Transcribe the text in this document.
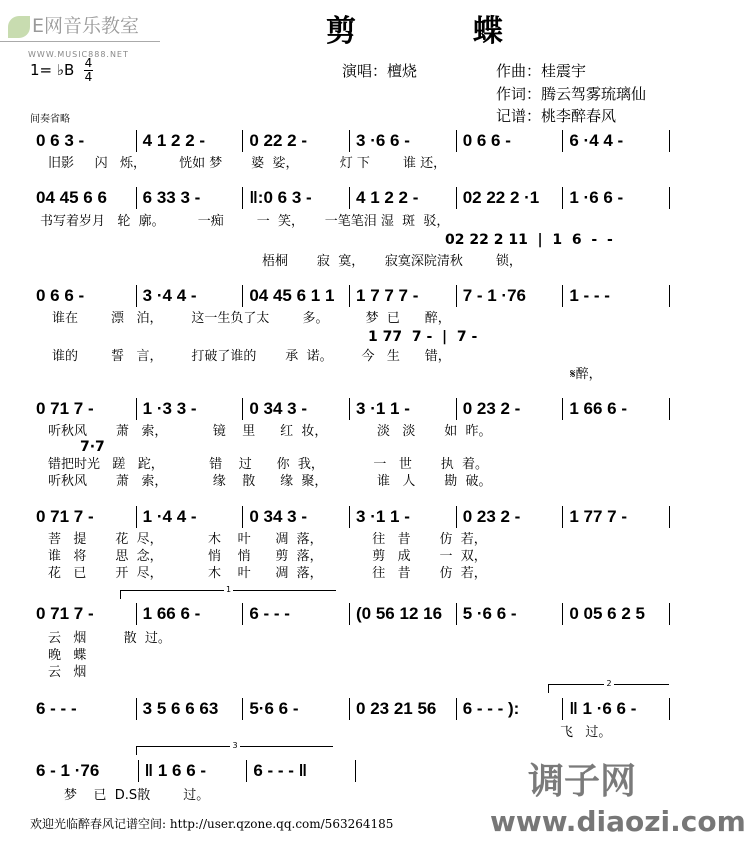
E网音乐教室
WWW.MUSIC888.NET
剪  蝶
1= ♭B 4
4	演唱：檀烧	作曲：桂震宇
作词：腾云驾雾琉璃仙
记谱：桃李醉春风
间奏省略
0 6 3 -	4 1 2 2 -	0 22 2 -	3 ·6 6 -	0 6 6 -	6 ·4 4 -
旧影     闪   烁，        恍如 梦       婆  娑，          灯 下        谁 还，
04 45 6 6	6 33 3 -	‖:0 6 3 -	4 1 2 2 -	02 22 2 ·1	1 ·6 6 -
书写着岁月   轮  廓。        一痴        一  笑，     一笔笔泪 湿  斑  驳，
02 22 2 11  |  1  6  -  -
梧桐       寂  寞，     寂寞深院清秋        锁，
0 6 6 -	3 ·4 4 -	04 45 6 1 1	1 7 7 7 -	7 - 1 ·76	1 - - -
谁在        漂   泊，       这一生负了太        多。         梦  已      醉，
1 77  7 -  |  7 -
谁的        誓   言，       打破了谁的       承  诺。       今   生      错，
𝄋醉，
0 71 7 -	1 ·3 3 -	0 34 3 -	3 ·1 1 -	0 23 2 -	1 66 6 -
听秋风       萧   索，           镜    里      红  妆，            淡   淡       如  昨。
7·7
错把时光   蹉   跎，           错    过      你  我，            一   世       执  着。
听秋风       萧   索，           缘    散      缘  聚，            谁   人       勘  破。
0 71 7 -	1 ·4 4 -	0 34 3 -	3 ·1 1 -	0 23 2 -	1 77 7 -
菩   提       花  尽，           木    叶      凋  落，            往   昔       仿  若，
谁   将       思  念，           悄    悄      剪  落，            剪   成       一  双，
花   已       开  尽，           木    叶      凋  落，            往   昔       仿  若，
1
0 71 7 -	1 66 6 -	6 - - -	(0 56 12 16	5 ·6 6 -	0 05 6 2 5
云   烟         散  过。
晚   蝶
云   烟
2
6 - - -	3 5 6 6 63	5·6 6 -	0 23 21 56	6 - - - ):	‖ 1 ·6 6 -
飞   过。
3
6 - 1 ·76	‖ 1 6 6 -	6 - - - ‖
梦    已  D.S散        过。	调子网
www.diaozi.com
欢迎光临醉春风记谱空间: http://user.qzone.qq.com/563264185
